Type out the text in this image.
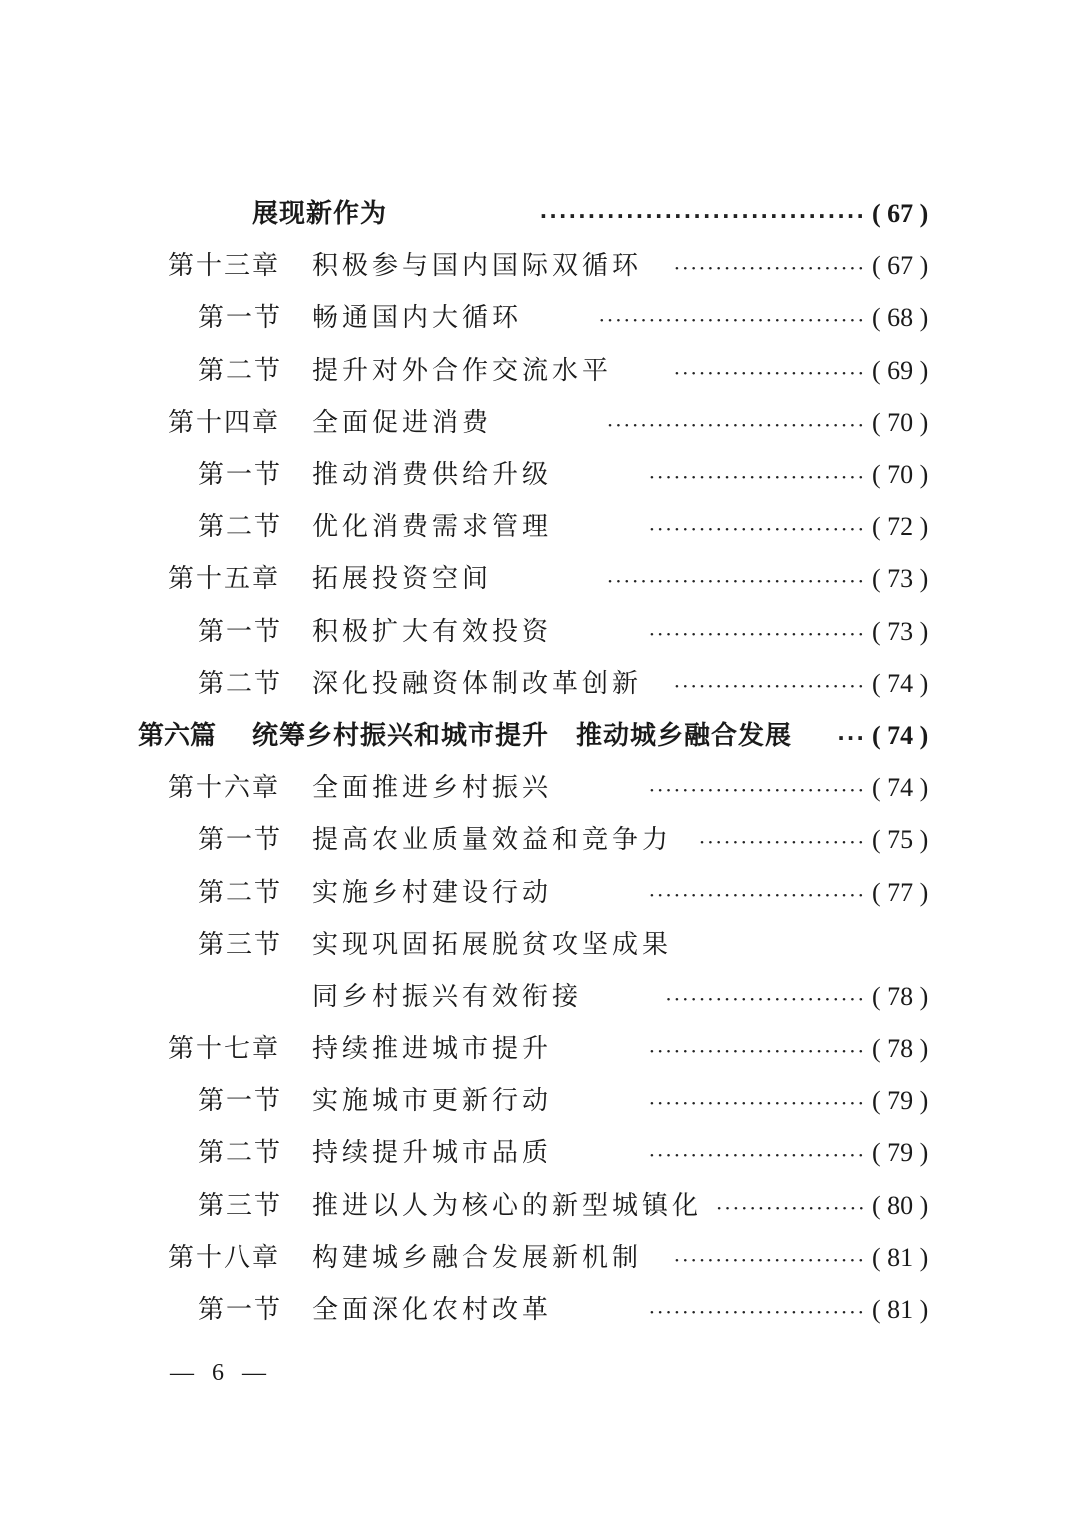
展现新作为	·································· ( 67 )
第十三章 积极参与国内国际双循环	······················· ( 67 )
第一节 畅通国内大循环	································ ( 68 )
第二节 提升对外合作交流水平	······················· ( 69 )
第十四章 全面促进消费	······························· ( 70 )
第一节 推动消费供给升级	·························· ( 70 )
第二节 优化消费需求管理	·························· ( 72 )
第十五章 拓展投资空间	······························· ( 73 )
第一节 积极扩大有效投资	·························· ( 73 )
第二节 深化投融资体制改革创新	······················· ( 74 )
第六篇 统筹乡村振兴和城市提升　推动城乡融合发展	··· ( 74 )
第十六章 全面推进乡村振兴	·························· ( 74 )
第一节 提高农业质量效益和竞争力	···················· ( 75 )
第二节 实施乡村建设行动	·························· ( 77 )
第三节 实现巩固拓展脱贫攻坚成果
同乡村振兴有效衔接	························ ( 78 )
第十七章 持续推进城市提升	·························· ( 78 )
第一节 实施城市更新行动	·························· ( 79 )
第二节 持续提升城市品质	·························· ( 79 )
第三节 推进以人为核心的新型城镇化 ·················· ( 80 )
第十八章 构建城乡融合发展新机制	······················· ( 81 )
第一节 全面深化农村改革	·························· ( 81 )
— 6 —
